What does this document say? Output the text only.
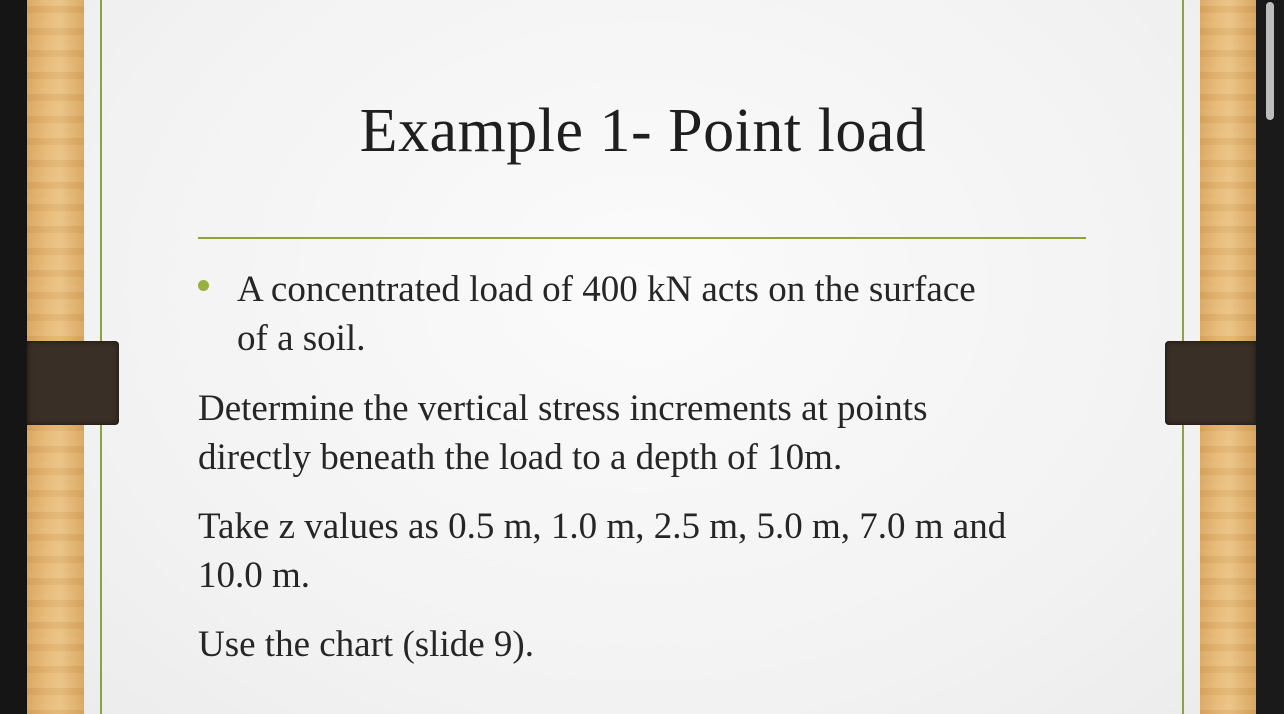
Example 1- Point load
A concentrated load of 400 kN acts on the surface
of a soil.
Determine the vertical stress increments at points
directly beneath the load to a depth of 10m.
Take z values as 0.5 m, 1.0 m, 2.5 m, 5.0 m, 7.0 m and
10.0 m.
Use the chart (slide 9).
